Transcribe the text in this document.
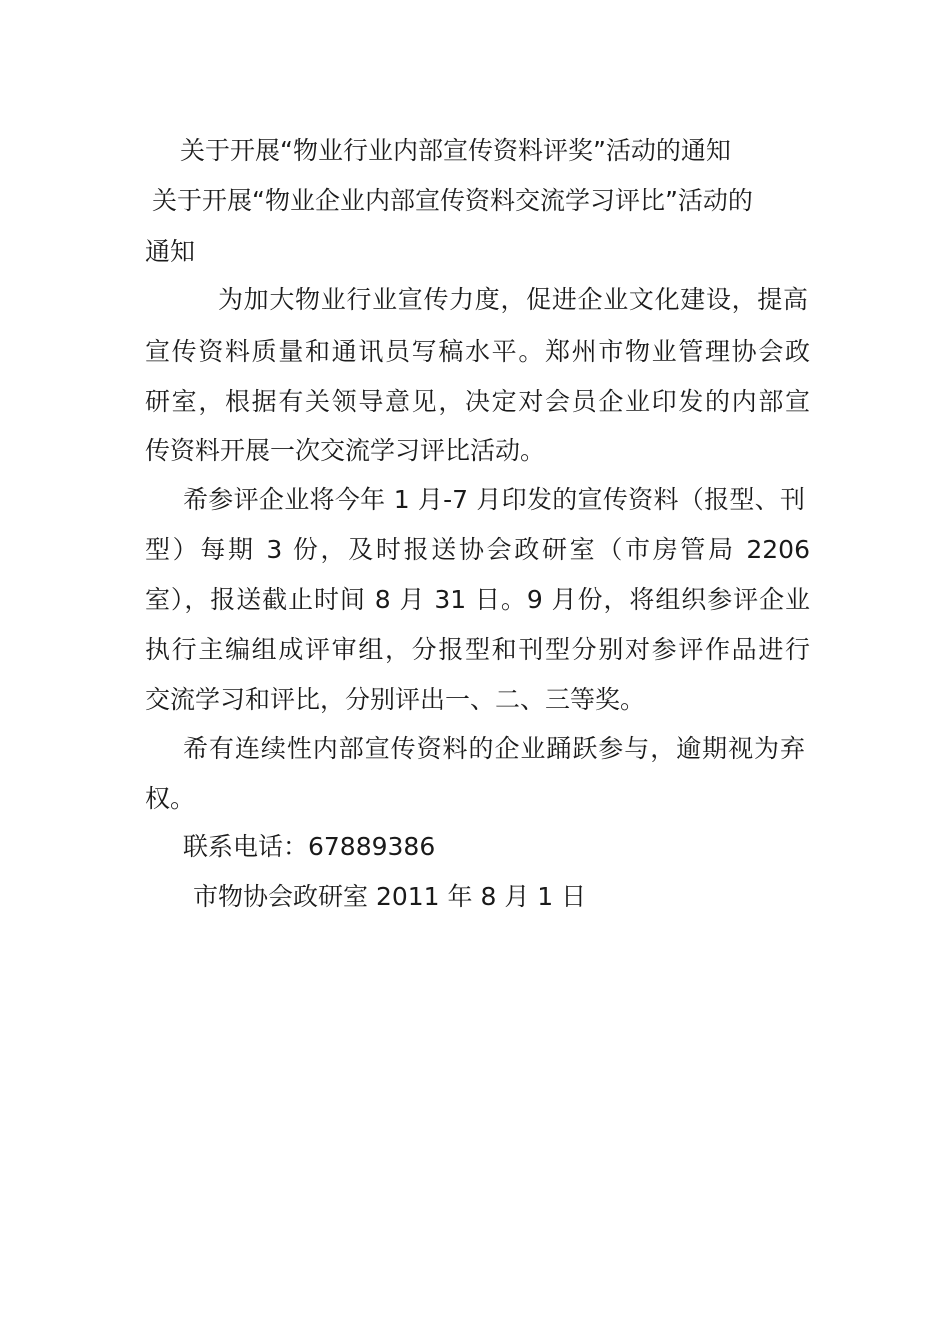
关于开展“物业行业内部宣传资料评奖”活动的通知

关于开展“物业企业内部宣传资料交流学习评比”活动的

通知

为加大物业行业宣传力度，促进企业文化建设，提高

宣传资料质量和通讯员写稿水平。郑州市物业管理协会政

研室，根据有关领导意见，决定对会员企业印发的内部宣

传资料开展一次交流学习评比活动。

希参评企业将今年 1 月-7 月印发的宣传资料（报型、刊

型）每期 3 份，及时报送协会政研室（市房管局 2206

室），报送截止时间 8 月 31 日。9 月份，将组织参评企业

执行主编组成评审组，分报型和刊型分别对参评作品进行

交流学习和评比，分别评出一、二、三等奖。

希有连续性内部宣传资料的企业踊跃参与，逾期视为弃

权。

联系电话：67889386

市物协会政研室 2011 年 8 月 1 日
